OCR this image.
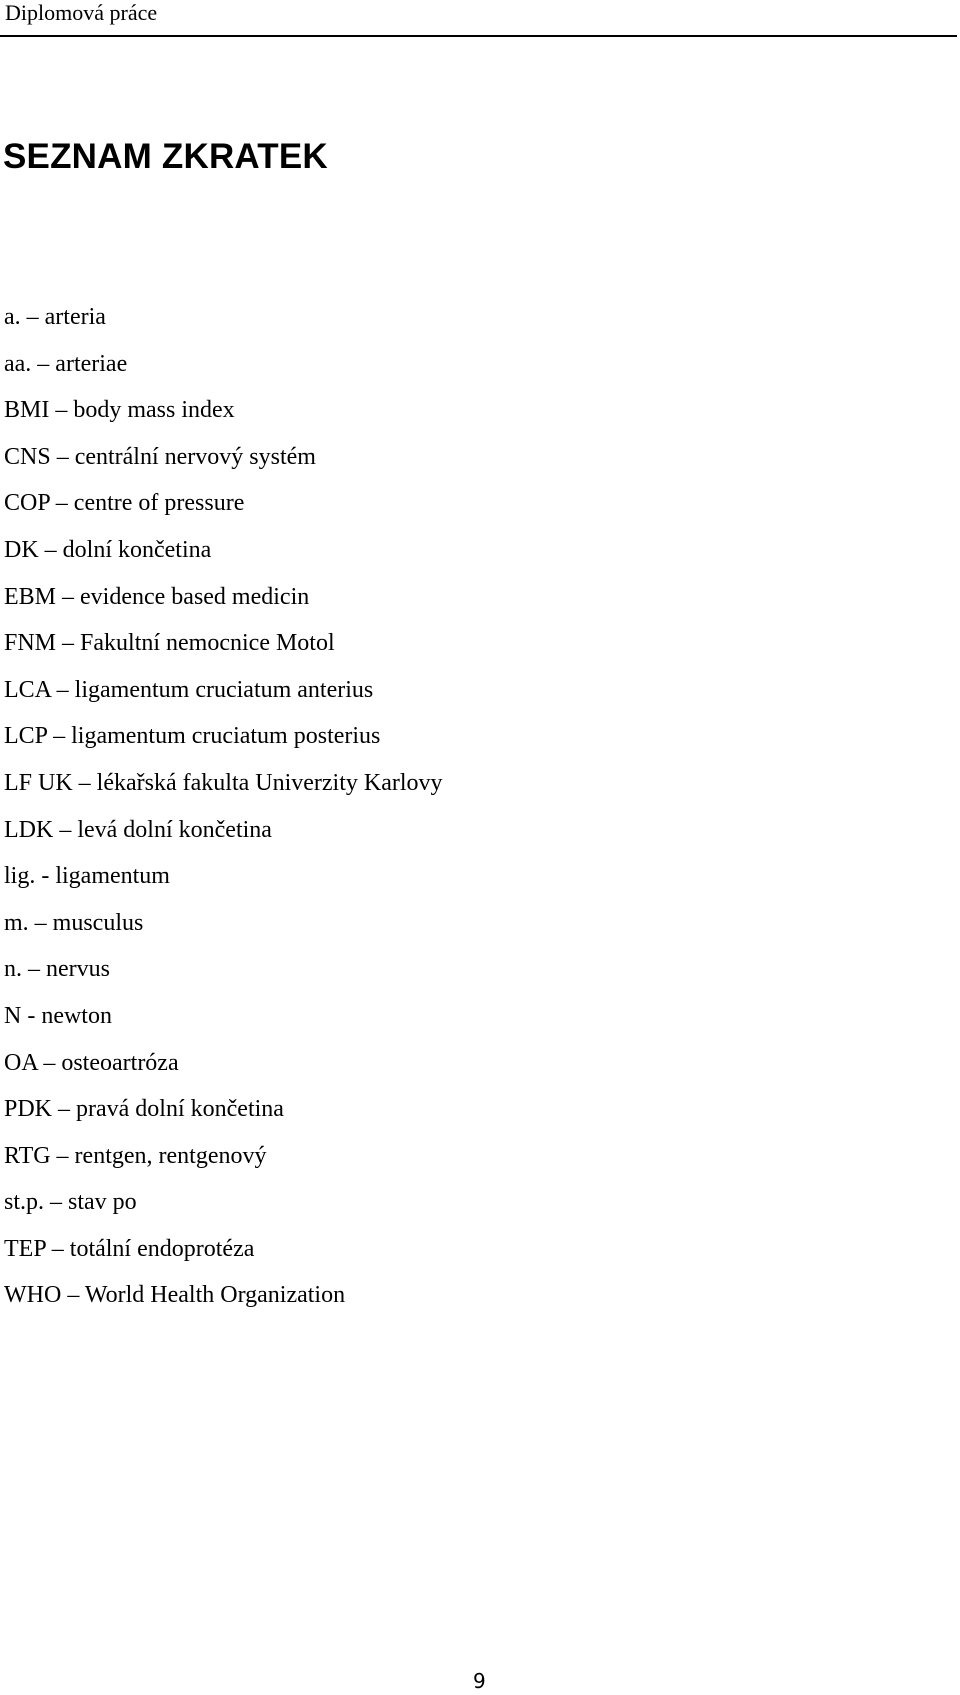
Diplomová práce
SEZNAM ZKRATEK
a. – arteria
aa. – arteriae
BMI – body mass index
CNS – centrální nervový systém
COP – centre of pressure
DK – dolní končetina
EBM – evidence based medicin
FNM – Fakultní nemocnice Motol
LCA – ligamentum cruciatum anterius
LCP – ligamentum cruciatum posterius
LF UK – lékařská fakulta Univerzity Karlovy
LDK – levá dolní končetina
lig. - ligamentum
m. – musculus
n. – nervus
N - newton
OA – osteoartróza
PDK – pravá dolní končetina
RTG – rentgen, rentgenový
st.p. – stav po
TEP – totální endoprotéza
WHO – World Health Organization
9
